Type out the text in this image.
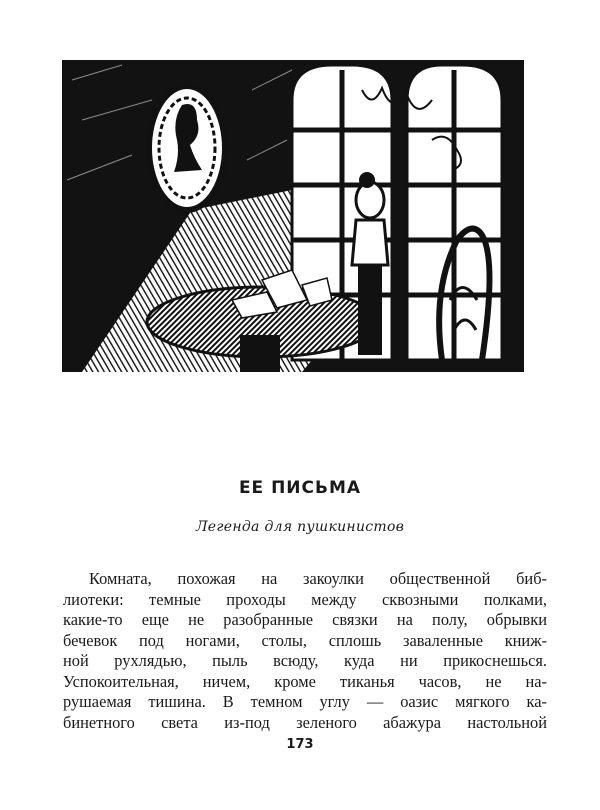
ЕЕ ПИСЬМА
Легенда для пушкинистов
Комната, похожая на закоулки общественной биб-
лиотеки: темные проходы между сквозными полками,
какие-то еще не разобранные связки на полу, обрывки
бечевок под ногами, столы, сплошь заваленные книж-
ной рухлядью, пыль всюду, куда ни прикоснешься.
Успокоительная, ничем, кроме тиканья часов, не на-
рушаемая тишина. В темном углу — оазис мягкого ка-
бинетного света из-под зеленого абажура настольной
173
